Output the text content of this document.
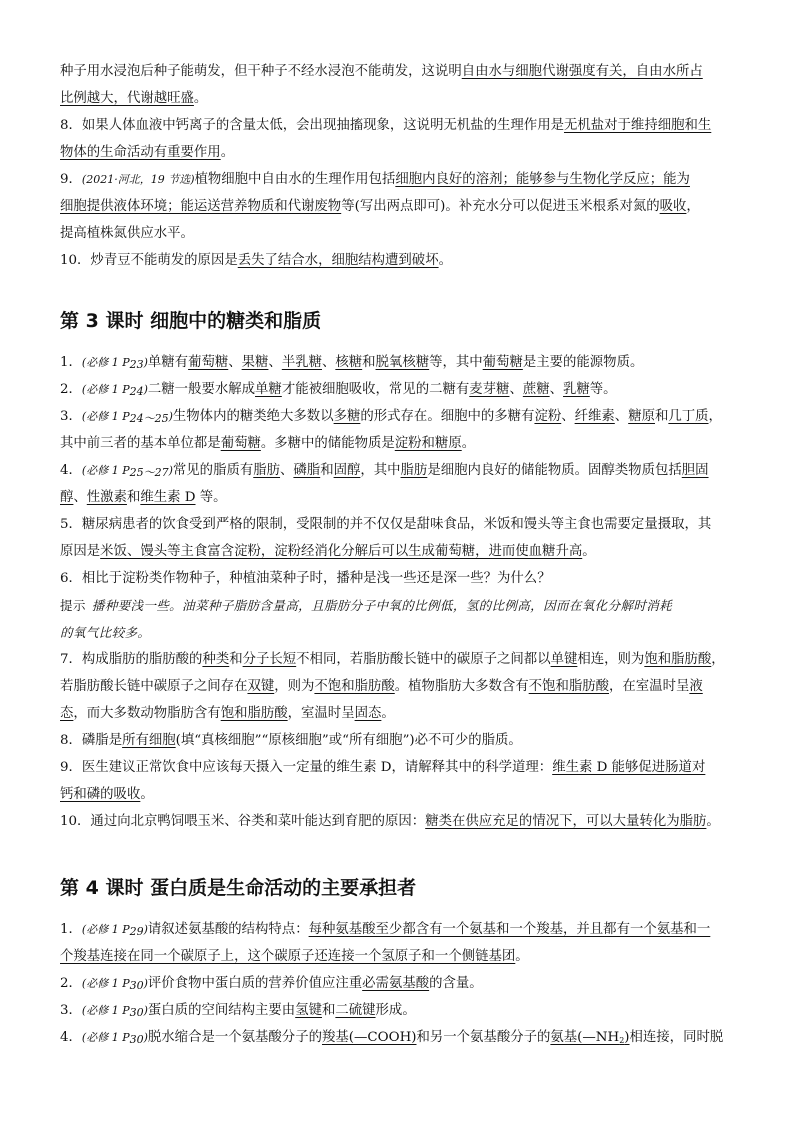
种子用水浸泡后种子能萌发，但干种子不经水浸泡不能萌发，这说明自由水与细胞代谢强度有关，自由水所占

比例越大，代谢越旺盛。

8．如果人体血液中钙离子的含量太低，会出现抽搐现象，这说明无机盐的生理作用是无机盐对于维持细胞和生

物体的生命活动有重要作用。

9．(2021·河北，19 节选)植物细胞中自由水的生理作用包括细胞内良好的溶剂；能够参与生物化学反应；能为

细胞提供液体环境；能运送营养物质和代谢废物等(写出两点即可)。补充水分可以促进玉米根系对氮的吸收，

提高植株氮供应水平。

10．炒青豆不能萌发的原因是丢失了结合水，细胞结构遭到破坏。

第 3 课时 细胞中的糖类和脂质

1．(必修 1 $P_{23}$)单糖有葡萄糖、果糖、半乳糖、核糖和脱氧核糖等，其中葡萄糖是主要的能源物质。

2．(必修 1 $P_{24}$)二糖一般要水解成单糖才能被细胞吸收，常见的二糖有麦芽糖、蔗糖、乳糖等。

3．(必修 1 $P_{24\sim 25}$)生物体内的糖类绝大多数以多糖的形式存在。细胞中的多糖有淀粉、纤维素、糖原和几丁质，

其中前三者的基本单位都是葡萄糖。多糖中的储能物质是淀粉和糖原。

4．(必修 1 $P_{25\sim 27}$)常见的脂质有脂肪、磷脂和固醇，其中脂肪是细胞内良好的储能物质。固醇类物质包括胆固

醇、性激素和维生素 D 等。

5．糖尿病患者的饮食受到严格的限制，受限制的并不仅仅是甜味食品，米饭和馒头等主食也需要定量摄取，其

原因是米饭、馒头等主食富含淀粉，淀粉经消化分解后可以生成葡萄糖，进而使血糖升高。

6．相比于淀粉类作物种子，种植油菜种子时，播种是浅一些还是深一些？为什么？

提示 播种要浅一些。油菜种子脂肪含量高，且脂肪分子中氧的比例低，氢的比例高，因而在氧化分解时消耗

的氧气比较多。

7．构成脂肪的脂肪酸的种类和分子长短不相同，若脂肪酸长链中的碳原子之间都以单键相连，则为饱和脂肪酸，

若脂肪酸长链中碳原子之间存在双键，则为不饱和脂肪酸。植物脂肪大多数含有不饱和脂肪酸，在室温时呈液

态，而大多数动物脂肪含有饱和脂肪酸，室温时呈固态。

8．磷脂是所有细胞(填“真核细胞”“原核细胞”或“所有细胞”)必不可少的脂质。

9．医生建议正常饮食中应该每天摄入一定量的维生素 D，请解释其中的科学道理：维生素 D 能够促进肠道对

钙和磷的吸收。

10．通过向北京鸭饲喂玉米、谷类和菜叶能达到育肥的原因：糖类在供应充足的情况下，可以大量转化为脂肪。

第 4 课时 蛋白质是生命活动的主要承担者

1．(必修 1 $P_{29}$)请叙述氨基酸的结构特点：每种氨基酸至少都含有一个氨基和一个羧基，并且都有一个氨基和一

个羧基连接在同一个碳原子上，这个碳原子还连接一个氢原子和一个侧链基团。

2．(必修 1 $P_{30}$)评价食物中蛋白质的营养价值应注重必需氨基酸的含量。

3．(必修 1 $P_{30}$)蛋白质的空间结构主要由氢键和二硫键形成。

4．(必修 1 $P_{30}$)脱水缩合是一个氨基酸分子的羧基(—COOH)和另一个氨基酸分子的氨基$(—NH_2)$相连接，同时脱
